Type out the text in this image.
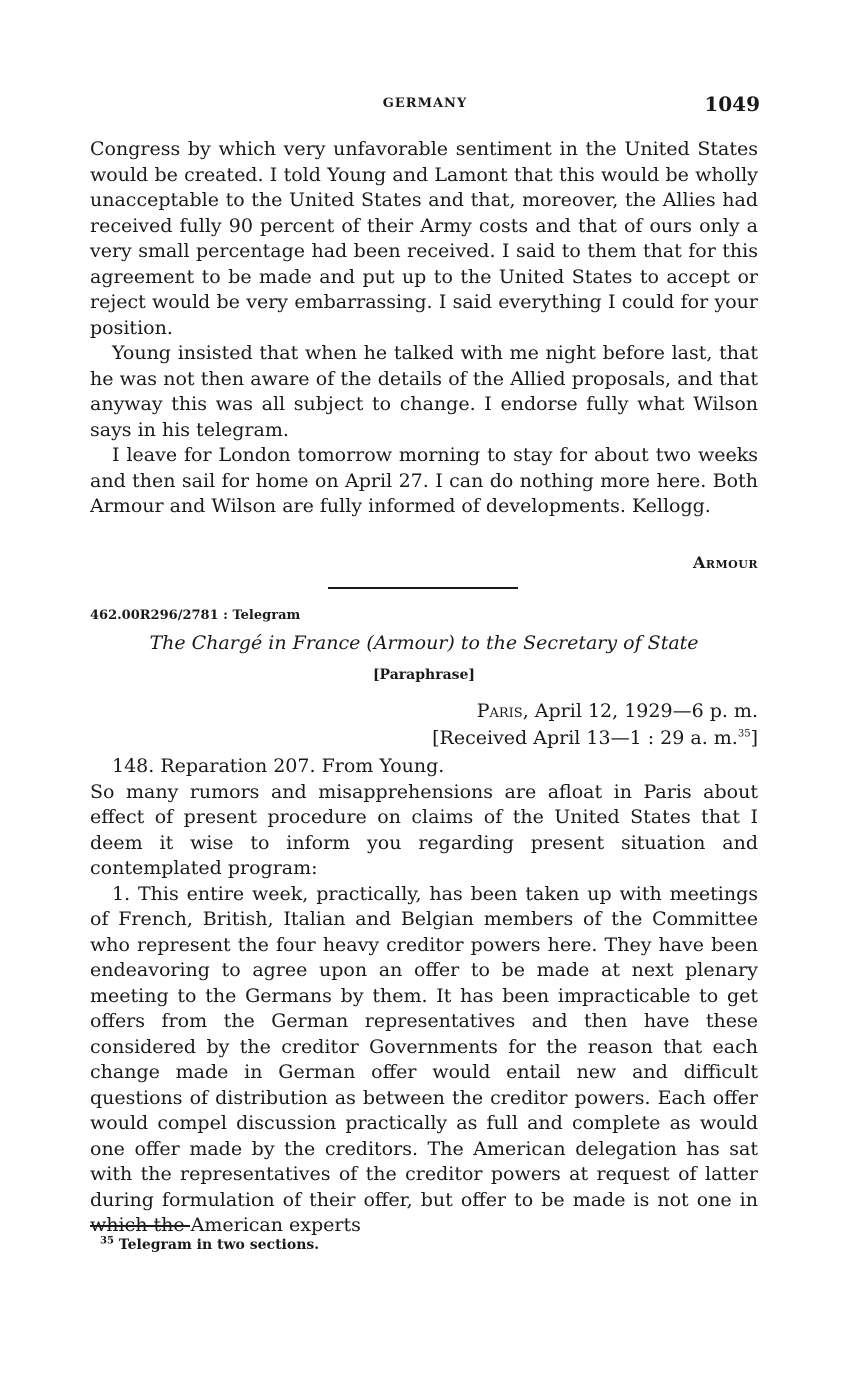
GERMANY	1049

Congress by which very unfavorable sentiment in the United States would be created. I told Young and Lamont that this would be wholly unacceptable to the United States and that, moreover, the Allies had received fully 90 percent of their Army costs and that of ours only a very small percentage had been received. I said to them that for this agreement to be made and put up to the United States to accept or reject would be very embarrassing. I said everything I could for your position.

Young insisted that when he talked with me night before last, that he was not then aware of the details of the Allied proposals, and that anyway this was all subject to change. I endorse fully what Wilson says in his telegram.

I leave for London tomorrow morning to stay for about two weeks and then sail for home on April 27. I can do nothing more here. Both Armour and Wilson are fully informed of developments. Kellogg.

Armour
462.00R296/2781 : Telegram
The Chargé in France (Armour) to the Secretary of State
[Paraphrase]
Paris, April 12, 1929—6 p. m.
[Received April 13—1 : 29 a. m.$^{35}$]

148. Reparation 207. From Young.

So many rumors and misapprehensions are afloat in Paris about effect of present procedure on claims of the United States that I deem it wise to inform you regarding present situation and contemplated program:

1. This entire week, practically, has been taken up with meetings of French, British, Italian and Belgian members of the Committee who represent the four heavy creditor powers here. They have been endeavoring to agree upon an offer to be made at next plenary meeting to the Germans by them. It has been impracticable to get offers from the German representatives and then have these considered by the creditor Governments for the reason that each change made in German offer would entail new and difficult questions of distribution as between the creditor powers. Each offer would compel discussion practically as full and complete as would one offer made by the creditors. The American delegation has sat with the representatives of the creditor powers at request of latter during formulation of their offer, but offer to be made is not one in which the American experts

$^{35}$ Telegram in two sections.
